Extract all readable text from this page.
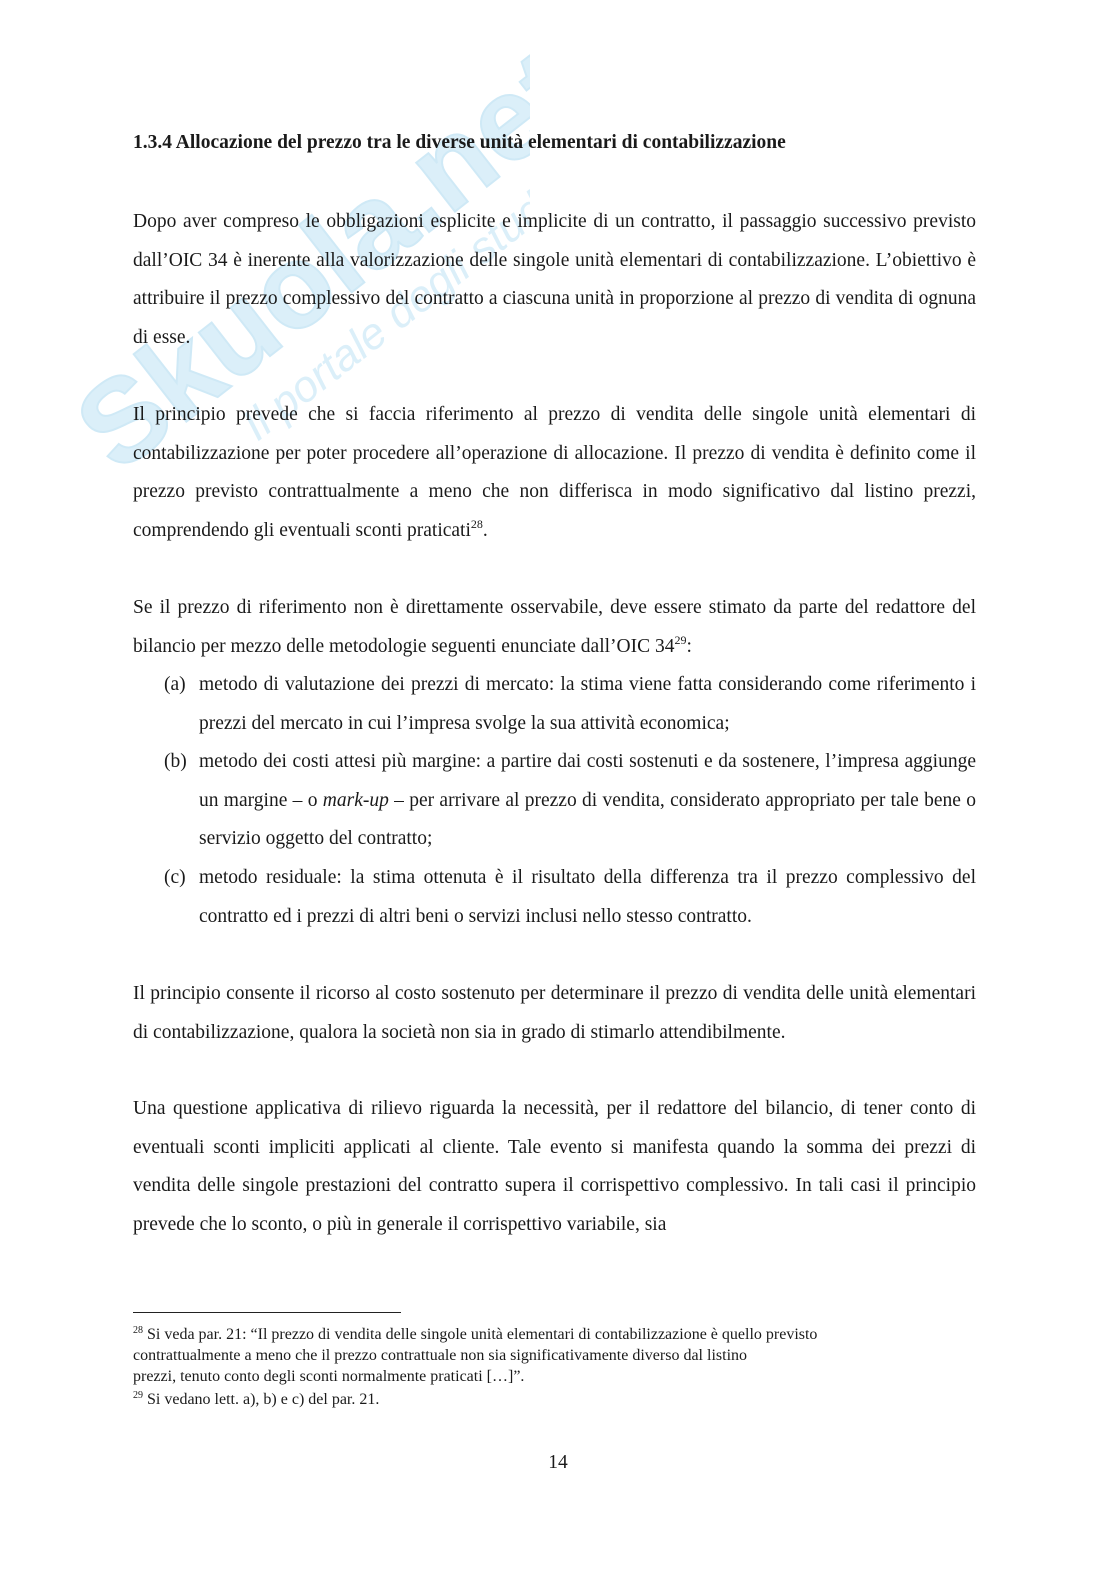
Skuola.net
Il portale degli studenti
1.3.4 Allocazione del prezzo tra le diverse unità elementari di contabilizzazione
Dopo aver compreso le obbligazioni esplicite e implicite di un contratto, il passaggio successivo previsto dall’OIC 34 è inerente alla valorizzazione delle singole unità elementari di contabilizzazione. L’obiettivo è attribuire il prezzo complessivo del contratto a ciascuna unità in proporzione al prezzo di vendita di ognuna di esse.
Il principio prevede che si faccia riferimento al prezzo di vendita delle singole unità elementari di contabilizzazione per poter procedere all’operazione di allocazione. Il prezzo di vendita è definito come il prezzo previsto contrattualmente a meno che non differisca in modo significativo dal listino prezzi, comprendendo gli eventuali sconti praticati$^{28}$.
Se il prezzo di riferimento non è direttamente osservabile, deve essere stimato da parte del redattore del bilancio per mezzo delle metodologie seguenti enunciate dall’OIC $34^{29}$:
(a) metodo di valutazione dei prezzi di mercato: la stima viene fatta considerando come riferimento i prezzi del mercato in cui l’impresa svolge la sua attività economica;
(b) metodo dei costi attesi più margine: a partire dai costi sostenuti e da sostenere, l’impresa aggiunge un margine – o mark-up – per arrivare al prezzo di vendita, considerato appropriato per tale bene o servizio oggetto del contratto;
(c) metodo residuale: la stima ottenuta è il risultato della differenza tra il prezzo complessivo del contratto ed i prezzi di altri beni o servizi inclusi nello stesso contratto.
Il principio consente il ricorso al costo sostenuto per determinare il prezzo di vendita delle unità elementari di contabilizzazione, qualora la società non sia in grado di stimarlo attendibilmente.
Una questione applicativa di rilievo riguarda la necessità, per il redattore del bilancio, di tener conto di eventuali sconti impliciti applicati al cliente. Tale evento si manifesta quando la somma dei prezzi di vendita delle singole prestazioni del contratto supera il corrispettivo complessivo. In tali casi il principio prevede che lo sconto, o più in generale il corrispettivo variabile, sia
$^{28}$ Si veda par. 21: “Il prezzo di vendita delle singole unità elementari di contabilizzazione è quello previsto
contrattualmente a meno che il prezzo contrattuale non sia significativamente diverso dal listino
prezzi, tenuto conto degli sconti normalmente praticati […]”.
$^{29}$ Si vedano lett. a), b) e c) del par. 21.
14
